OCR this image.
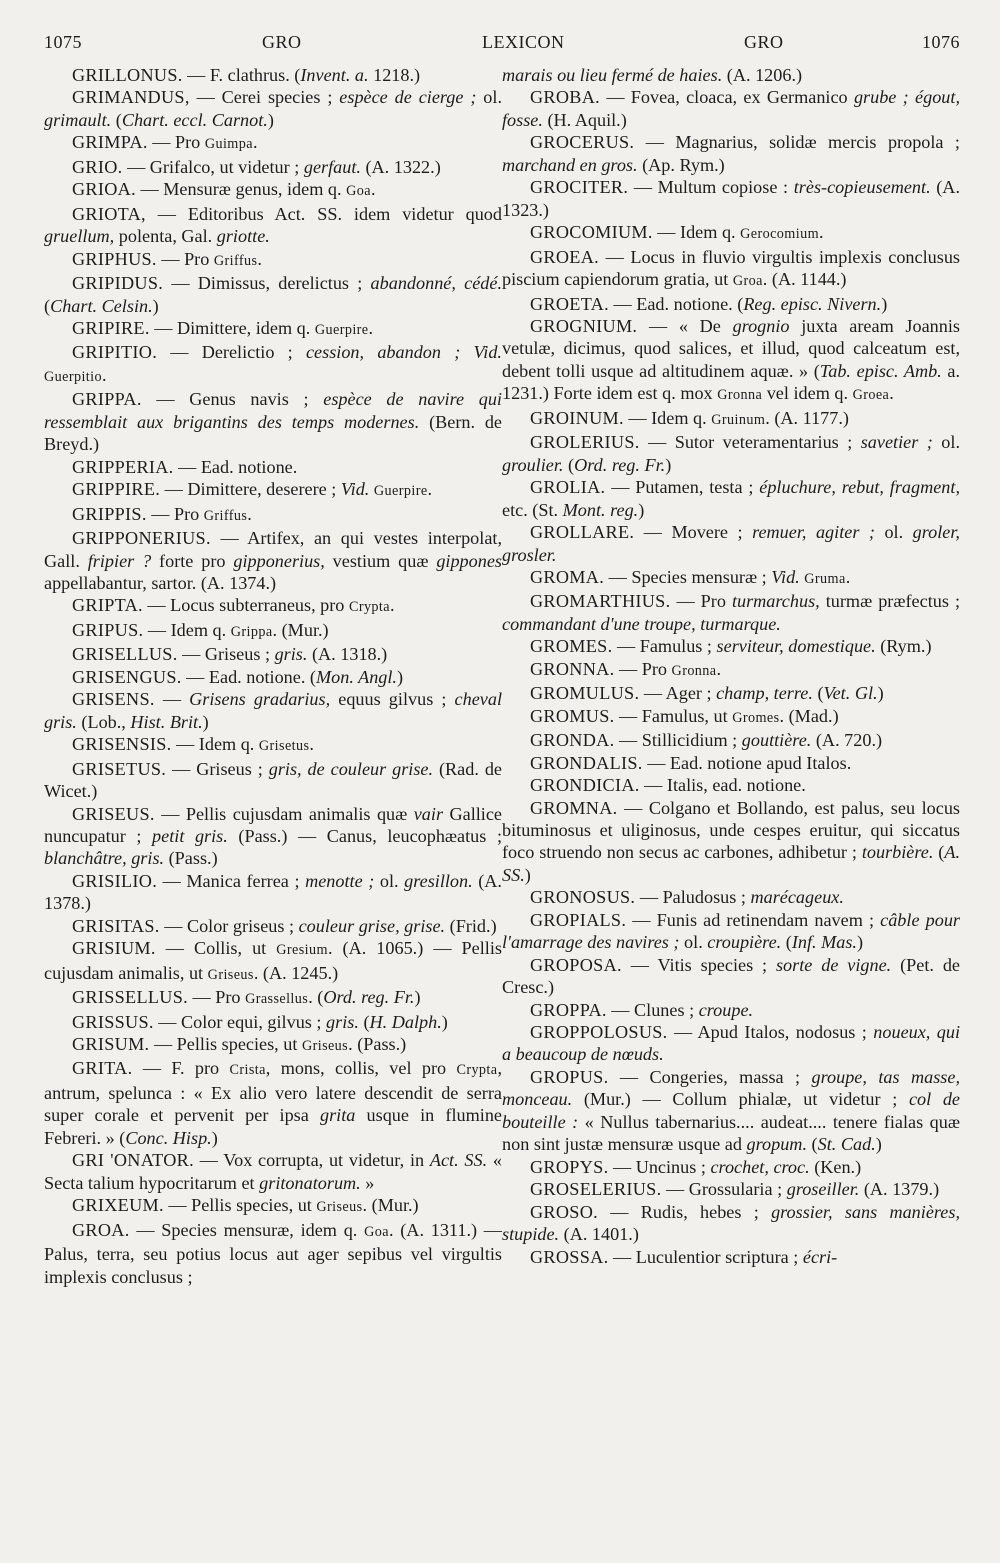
1075	GRO	LEXICON	GRO	1076

GRILLONUS. — F. clathrus. (Invent. a. 1218.)

GRIMANDUS, — Cerei species ; espèce de cierge ; ol. grimault. (Chart. eccl. Carnot.)

GRIMPA. — Pro Guimpa.

GRIO. — Grifalco, ut videtur ; gerfaut. (A. 1322.)

GRIOA. — Mensuræ genus, idem q. Goa.

GRIOTA, — Editoribus Act. SS. idem videtur quod gruellum, polenta, Gal. griotte.

GRIPHUS. — Pro Griffus.

GRIPIDUS. — Dimissus, derelictus ; abandonné, cédé. (Chart. Celsin.)

GRIPIRE. — Dimittere, idem q. Guerpire.

GRIPITIO. — Derelictio ; cession, abandon ; Vid. Guerpitio.

GRIPPA. — Genus navis ; espèce de navire qui ressemblait aux brigantins des temps modernes. (Bern. de Breyd.)

GRIPPERIA. — Ead. notione.

GRIPPIRE. — Dimittere, deserere ; Vid. Guerpire.

GRIPPIS. — Pro Griffus.

GRIPPONERIUS. — Artifex, an qui vestes interpolat, Gall. fripier ? forte pro gipponerius, vestium quæ gippones appellabantur, sartor. (A. 1374.)

GRIPTA. — Locus subterraneus, pro Crypta.

GRIPUS. — Idem q. Grippa. (Mur.)

GRISELLUS. — Griseus ; gris. (A. 1318.)

GRISENGUS. — Ead. notione. (Mon. Angl.)

GRISENS. — Grisens gradarius, equus gilvus ; cheval gris. (Lob., Hist. Brit.)

GRISENSIS. — Idem q. Grisetus.

GRISETUS. — Griseus ; gris, de couleur grise. (Rad. de Wicet.)

GRISEUS. — Pellis cujusdam animalis quæ vair Gallice nuncupatur ; petit gris. (Pass.) — Canus, leucophæatus ; blanchâtre, gris. (Pass.)

GRISILIO. — Manica ferrea ; menotte ; ol. gresillon. (A. 1378.)

GRISITAS. — Color griseus ; couleur grise, grise. (Frid.)

GRISIUM. — Collis, ut Gresium. (A. 1065.) — Pellis cujusdam animalis, ut Griseus. (A. 1245.)

GRISSELLUS. — Pro Grassellus. (Ord. reg. Fr.)

GRISSUS. — Color equi, gilvus ; gris. (H. Dalph.)

GRISUM. — Pellis species, ut Griseus. (Pass.)

GRITA. — F. pro Crista, mons, collis, vel pro Crypta, antrum, spelunca : « Ex alio vero latere descendit de serra super corale et pervenit per ipsa grita usque in flumine Febreri. » (Conc. Hisp.)

GRI 'ONATOR. — Vox corrupta, ut videtur, in Act. SS. « Secta talium hypocritarum et gritonatorum. »

GRIXEUM. — Pellis species, ut Griseus. (Mur.)

GROA. — Species mensuræ, idem q. Goa. (A. 1311.) — Palus, terra, seu potius locus aut ager sepibus vel virgultis implexis conclusus ;

marais ou lieu fermé de haies. (A. 1206.)

GROBA. — Fovea, cloaca, ex Germanico grube ; égout, fosse. (H. Aquil.)

GROCERUS. — Magnarius, solidæ mercis propola ; marchand en gros. (Ap. Rym.)

GROCITER. — Multum copiose : très-copieusement. (A. 1323.)

GROCOMIUM. — Idem q. Gerocomium.

GROEA. — Locus in fluvio virgultis implexis conclusus piscium capiendorum gratia, ut Groa. (A. 1144.)

GROETA. — Ead. notione. (Reg. episc. Nivern.)

GROGNIUM. — « De grognio juxta aream Joannis vetulæ, dicimus, quod salices, et illud, quod calceatum est, debent tolli usque ad altitudinem aquæ. » (Tab. episc. Amb. a. 1231.) Forte idem est q. mox Gronna vel idem q. Groea.

GROINUM. — Idem q. Gruinum. (A. 1177.)

GROLERIUS. — Sutor veteramentarius ; savetier ; ol. groulier. (Ord. reg. Fr.)

GROLIA. — Putamen, testa ; épluchure, rebut, fragment, etc. (St. Mont. reg.)

GROLLARE. — Movere ; remuer, agiter ; ol. groler, grosler.

GROMA. — Species mensuræ ; Vid. Gruma.

GROMARTHIUS. — Pro turmarchus, turmæ præfectus ; commandant d'une troupe, turmarque.

GROMES. — Famulus ; serviteur, domestique. (Rym.)

GRONNA. — Pro Gronna.

GROMULUS. — Ager ; champ, terre. (Vet. Gl.)

GROMUS. — Famulus, ut Gromes. (Mad.)

GRONDA. — Stillicidium ; gouttière. (A. 720.)

GRONDALIS. — Ead. notione apud Italos.

GRONDICIA. — Italis, ead. notione.

GROMNA. — Colgano et Bollando, est palus, seu locus bituminosus et uliginosus, unde cespes eruitur, qui siccatus foco struendo non secus ac carbones, adhibetur ; tourbière. (A. SS.)

GRONOSUS. — Paludosus ; marécageux.

GROPIALS. — Funis ad retinendam navem ; câble pour l'amarrage des navires ; ol. croupière. (Inf. Mas.)

GROPOSA. — Vitis species ; sorte de vigne. (Pet. de Cresc.)

GROPPA. — Clunes ; croupe.

GROPPOLOSUS. — Apud Italos, nodosus ; noueux, qui a beaucoup de nœuds.

GROPUS. — Congeries, massa ; groupe, tas masse, monceau. (Mur.) — Collum phialæ, ut videtur ; col de bouteille : « Nullus tabernarius.... audeat.... tenere fialas quæ non sint justæ mensuræ usque ad gropum. (St. Cad.)

GROPYS. — Uncinus ; crochet, croc. (Ken.)

GROSELERIUS. — Grossularia ; groseiller. (A. 1379.)

GROSO. — Rudis, hebes ; grossier, sans manières, stupide. (A. 1401.)

GROSSA. — Luculentior scriptura ; écri-
